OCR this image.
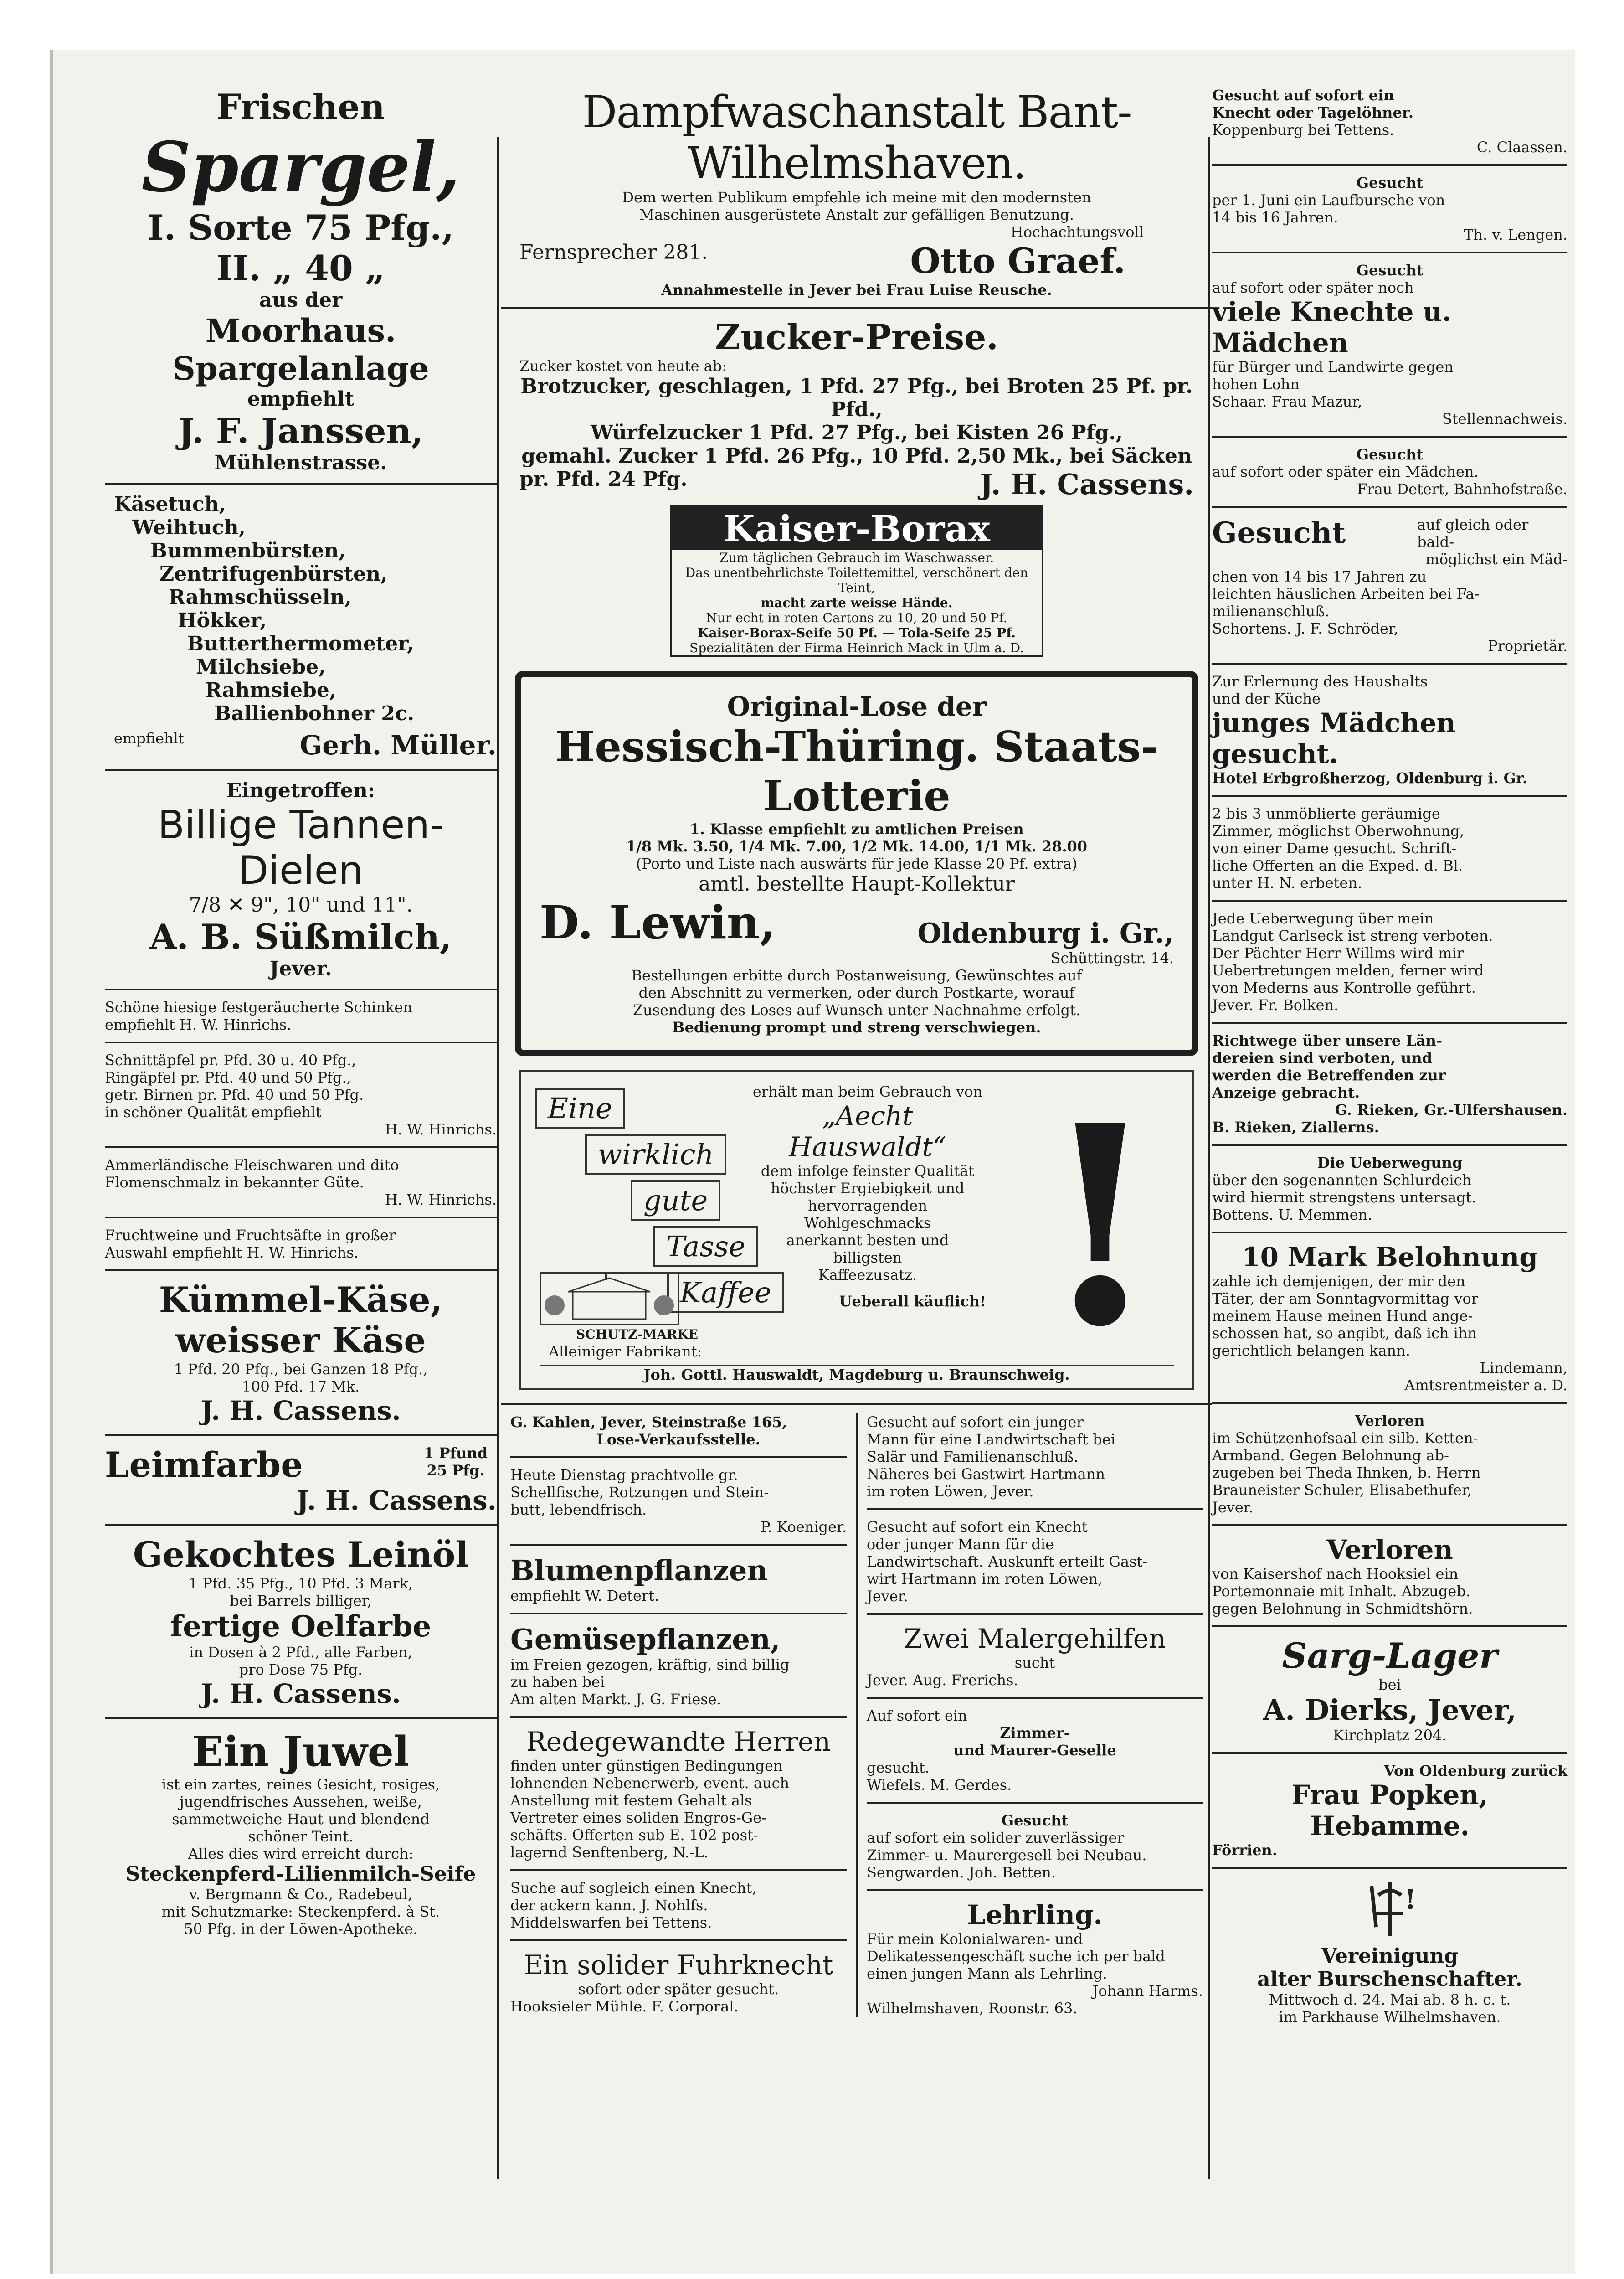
Frischen
Spargel,
I. Sorte 75 Pfg.,
II. „ 40 „
aus der
Moorhaus. Spargelanlage
empfiehlt
J. F. Janssen,
Mühlenstrasse.
Käsetuch,
Weihtuch,
Bummenbürsten,
Zentrifugenbürsten,
Rahmschüsseln,
Hökker,
Butterthermometer,
Milchsiebe,
Rahmsiebe,
Ballienbohner 2c.
empfiehlt	Gerh. Müller.
Eingetroffen:
Billige Tannen-
Dielen
7/8 ✕ 9", 10" und 11".
A. B. Süßmilch,
Jever.
Schöne hiesige festgeräucherte Schinken
empfiehlt H. W. Hinrichs.
Schnittäpfel pr. Pfd. 30 u. 40 Pfg.,
Ringäpfel pr. Pfd. 40 und 50 Pfg.,
getr. Birnen pr. Pfd. 40 und 50 Pfg.
in schöner Qualität empfiehlt
H. W. Hinrichs.
Ammerländische Fleischwaren und dito
Flomenschmalz in bekannter Güte.
H. W. Hinrichs.
Fruchtweine und Fruchtsäfte in großer
Auswahl empfiehlt H. W. Hinrichs.
Kümmel-Käse,
weisser Käse
1 Pfd. 20 Pfg., bei Ganzen 18 Pfg.,
100 Pfd. 17 Mk.
J. H. Cassens.
Leimfarbe	1 Pfund 25 Pfg.
J. H. Cassens.
Gekochtes Leinöl
1 Pfd. 35 Pfg., 10 Pfd. 3 Mark,
bei Barrels billiger,
fertige Oelfarbe
in Dosen à 2 Pfd., alle Farben,
pro Dose 75 Pfg.
J. H. Cassens.
Ein Juwel
ist ein zartes, reines Gesicht, rosiges,
jugendfrisches Aussehen, weiße,
sammetweiche Haut und blendend
schöner Teint.
Alles dies wird erreicht durch:
Steckenpferd-Lilienmilch-Seife
v. Bergmann & Co., Radebeul,
mit Schutzmarke: Steckenpferd. à St.
50 Pfg. in der Löwen-Apotheke.
Dampfwaschanstalt Bant-Wilhelmshaven.
Dem werten Publikum empfehle ich meine mit den modernsten
Maschinen ausgerüstete Anstalt zur gefälligen Benutzung.
Hochachtungsvoll
Fernsprecher 281.	Otto Graef.
Annahmestelle in Jever bei Frau Luise Reusche.
Zucker-Preise.
Zucker kostet von heute ab:
Brotzucker, geschlagen, 1 Pfd. 27 Pfg., bei Broten 25 Pf. pr. Pfd.,
Würfelzucker 1 Pfd. 27 Pfg., bei Kisten 26 Pfg.,
gemahl. Zucker 1 Pfd. 26 Pfg., 10 Pfd. 2,50 Mk., bei Säcken
pr. Pfd. 24 Pfg.	J. H. Cassens.
Kaiser-Borax
Zum täglichen Gebrauch im Waschwasser.
Das unentbehrlichste Toilettemittel, verschönert den Teint,
macht zarte weisse Hände.
Nur echt in roten Cartons zu 10, 20 und 50 Pf.
Kaiser-Borax-Seife 50 Pf. — Tola-Seife 25 Pf.
Spezialitäten der Firma Heinrich Mack in Ulm a. D.
Original-Lose der
Hessisch-Thüring. Staats-Lotterie
1. Klasse empfiehlt zu amtlichen Preisen
1/8 Mk. 3.50, 1/4 Mk. 7.00, 1/2 Mk. 14.00, 1/1 Mk. 28.00
(Porto und Liste nach auswärts für jede Klasse 20 Pf. extra)
amtl. bestellte Haupt-Kollektur
D. Lewin,	Oldenburg i. Gr.,
Schüttingstr. 14.
Bestellungen erbitte durch Postanweisung, Gewünschtes auf
den Abschnitt zu vermerken, oder durch Postkarte, worauf
Zusendung des Loses auf Wunsch unter Nachnahme erfolgt.
Bedienung prompt und streng verschwiegen.
Eine
wirklich
gute
Tasse
Kaffee
erhält man beim Gebrauch von
„Aecht Hauswaldt“
dem infolge feinster Qualität
höchster Ergiebigkeit und
hervorragenden
Wohlgeschmacks
anerkannt besten und
billigsten
Kaffeezusatz.
Ueberall käuflich! !
SCHUTZ-MARKE
Alleiniger Fabrikant:
Joh. Gottl. Hauswaldt, Magdeburg u. Braunschweig.
G. Kahlen, Jever, Steinstraße 165,
Lose-Verkaufsstelle.
Heute Dienstag prachtvolle gr.
Schellfische, Rotzungen und Stein-
butt, lebendfrisch.
P. Koeniger.
Blumenpflanzen
empfiehlt W. Detert.
Gemüsepflanzen,
im Freien gezogen, kräftig, sind billig
zu haben bei
Am alten Markt. J. G. Friese.
Redegewandte Herren
finden unter günstigen Bedingungen
lohnenden Nebenerwerb, event. auch
Anstellung mit festem Gehalt als
Vertreter eines soliden Engros-Ge-
schäfts. Offerten sub E. 102 post-
lagernd Senftenberg, N.-L.
Suche auf sogleich einen Knecht,
der ackern kann. J. Nohlfs.
Middelswarfen bei Tettens.
Ein solider Fuhrknecht
sofort oder später gesucht.
Hooksieler Mühle. F. Corporal.
Gesucht auf sofort ein junger
Mann für eine Landwirtschaft bei
Salär und Familienanschluß.
Näheres bei Gastwirt Hartmann
im roten Löwen, Jever.
Gesucht auf sofort ein Knecht
oder junger Mann für die
Landwirtschaft. Auskunft erteilt Gast-
wirt Hartmann im roten Löwen,
Jever.
Zwei Malergehilfen
sucht
Jever. Aug. Frerichs.
Auf sofort ein
Zimmer-
und Maurer-Geselle
gesucht.
Wiefels. M. Gerdes.
Gesucht
auf sofort ein solider zuverlässiger
Zimmer- u. Maurergesell bei Neubau.
Sengwarden. Joh. Betten.
Lehrling.
Für mein Kolonialwaren- und
Delikatessengeschäft suche ich per bald
einen jungen Mann als Lehrling.
Johann Harms.
Wilhelmshaven, Roonstr. 63.
Gesucht auf sofort ein
Knecht oder Tagelöhner.
Koppenburg bei Tettens.
C. Claassen.
Gesucht
per 1. Juni ein Laufbursche von
14 bis 16 Jahren.
Th. v. Lengen.
Gesucht
auf sofort oder später noch
viele Knechte u. Mädchen
für Bürger und Landwirte gegen
hohen Lohn
Schaar. Frau Mazur,
Stellennachweis.
Gesucht
auf sofort oder später ein Mädchen.
Frau Detert, Bahnhofstraße.
Gesucht	auf gleich oder bald-
möglichst ein Mäd-
chen von 14 bis 17 Jahren zu
leichten häuslichen Arbeiten bei Fa-
milienanschluß.
Schortens. J. F. Schröder,
Proprietär.
Zur Erlernung des Haushalts
und der Küche
junges Mädchen gesucht.
Hotel Erbgroßherzog, Oldenburg i. Gr.
2 bis 3 unmöblierte geräumige
Zimmer, möglichst Oberwohnung,
von einer Dame gesucht. Schrift-
liche Offerten an die Exped. d. Bl.
unter H. N. erbeten.
Jede Ueberwegung über mein
Landgut Carlseck ist streng verboten.
Der Pächter Herr Willms wird mir
Uebertretungen melden, ferner wird
von Mederns aus Kontrolle geführt.
Jever. Fr. Bolken.
Richtwege über unsere Län-
dereien sind verboten, und
werden die Betreffenden zur
Anzeige gebracht.
G. Rieken, Gr.-Ulfershausen.
B. Rieken, Ziallerns.
Die Ueberwegung
über den sogenannten Schlurdeich
wird hiermit strengstens untersagt.
Bottens. U. Memmen.
10 Mark Belohnung
zahle ich demjenigen, der mir den
Täter, der am Sonntagvormittag vor
meinem Hause meinen Hund ange-
schossen hat, so angibt, daß ich ihn
gerichtlich belangen kann.
Lindemann,
Amtsrentmeister a. D.
Verloren
im Schützenhofsaal ein silb. Ketten-
Armband. Gegen Belohnung ab-
zugeben bei Theda Ihnken, b. Herrn
Brauneister Schuler, Elisabethufer,
Jever.
Verloren
von Kaisershof nach Hooksiel ein
Portemonnaie mit Inhalt. Abzugeb.
gegen Belohnung in Schmidtshörn.
Sarg-Lager
bei
A. Dierks, Jever,
Kirchplatz 204.
Von Oldenburg zurück
Frau Popken,
Hebamme.
Förrien.
!
Vereinigung
alter Burschenschafter.
Mittwoch d. 24. Mai ab. 8 h. c. t.
im Parkhause Wilhelmshaven.
